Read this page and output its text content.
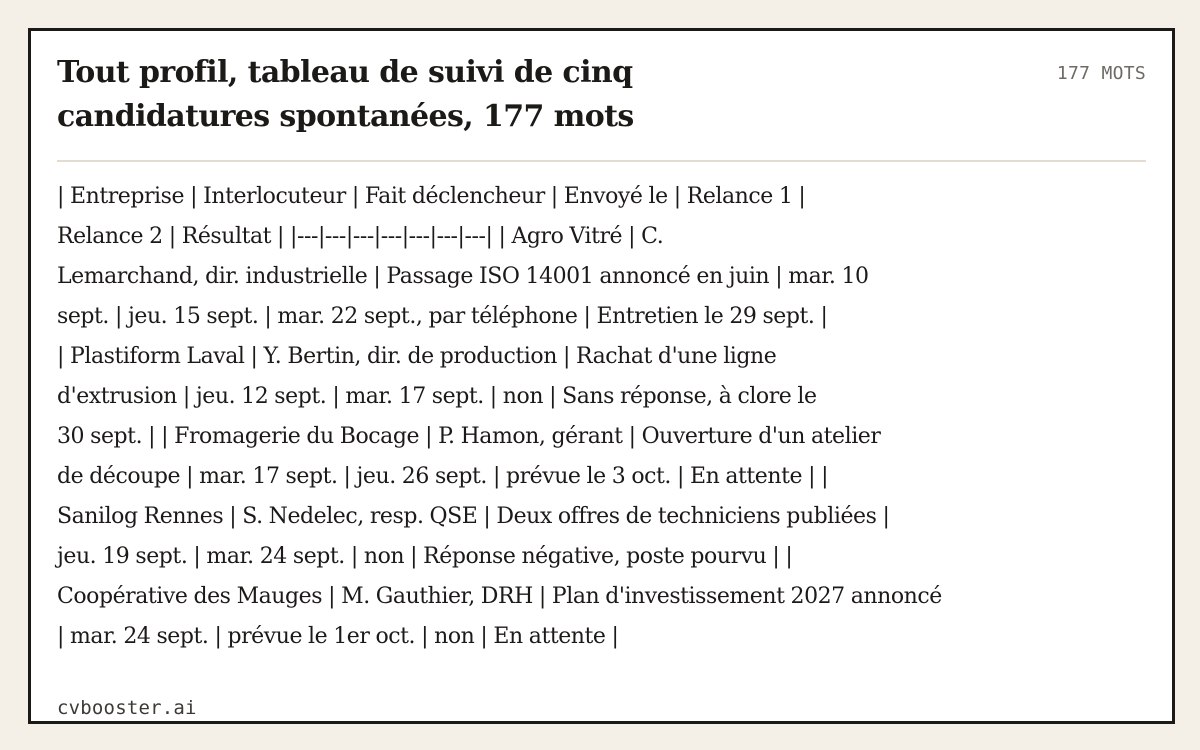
Tout profil, tableau de suivi de cinq
candidatures spontanées, 177 mots
177 MOTS
| Entreprise | Interlocuteur | Fait déclencheur | Envoyé le | Relance 1 |
Relance 2 | Résultat | |---|---|---|---|---|---|---| | Agro Vitré | C.
Lemarchand, dir. industrielle | Passage ISO 14001 annoncé en juin | mar. 10
sept. | jeu. 15 sept. | mar. 22 sept., par téléphone | Entretien le 29 sept. |
| Plastiform Laval | Y. Bertin, dir. de production | Rachat d'une ligne
d'extrusion | jeu. 12 sept. | mar. 17 sept. | non | Sans réponse, à clore le
30 sept. | | Fromagerie du Bocage | P. Hamon, gérant | Ouverture d'un atelier
de découpe | mar. 17 sept. | jeu. 26 sept. | prévue le 3 oct. | En attente | |
Sanilog Rennes | S. Nedelec, resp. QSE | Deux offres de techniciens publiées |
jeu. 19 sept. | mar. 24 sept. | non | Réponse négative, poste pourvu | |
Coopérative des Mauges | M. Gauthier, DRH | Plan d'investissement 2027 annoncé
| mar. 24 sept. | prévue le 1er oct. | non | En attente |
cvbooster.ai
